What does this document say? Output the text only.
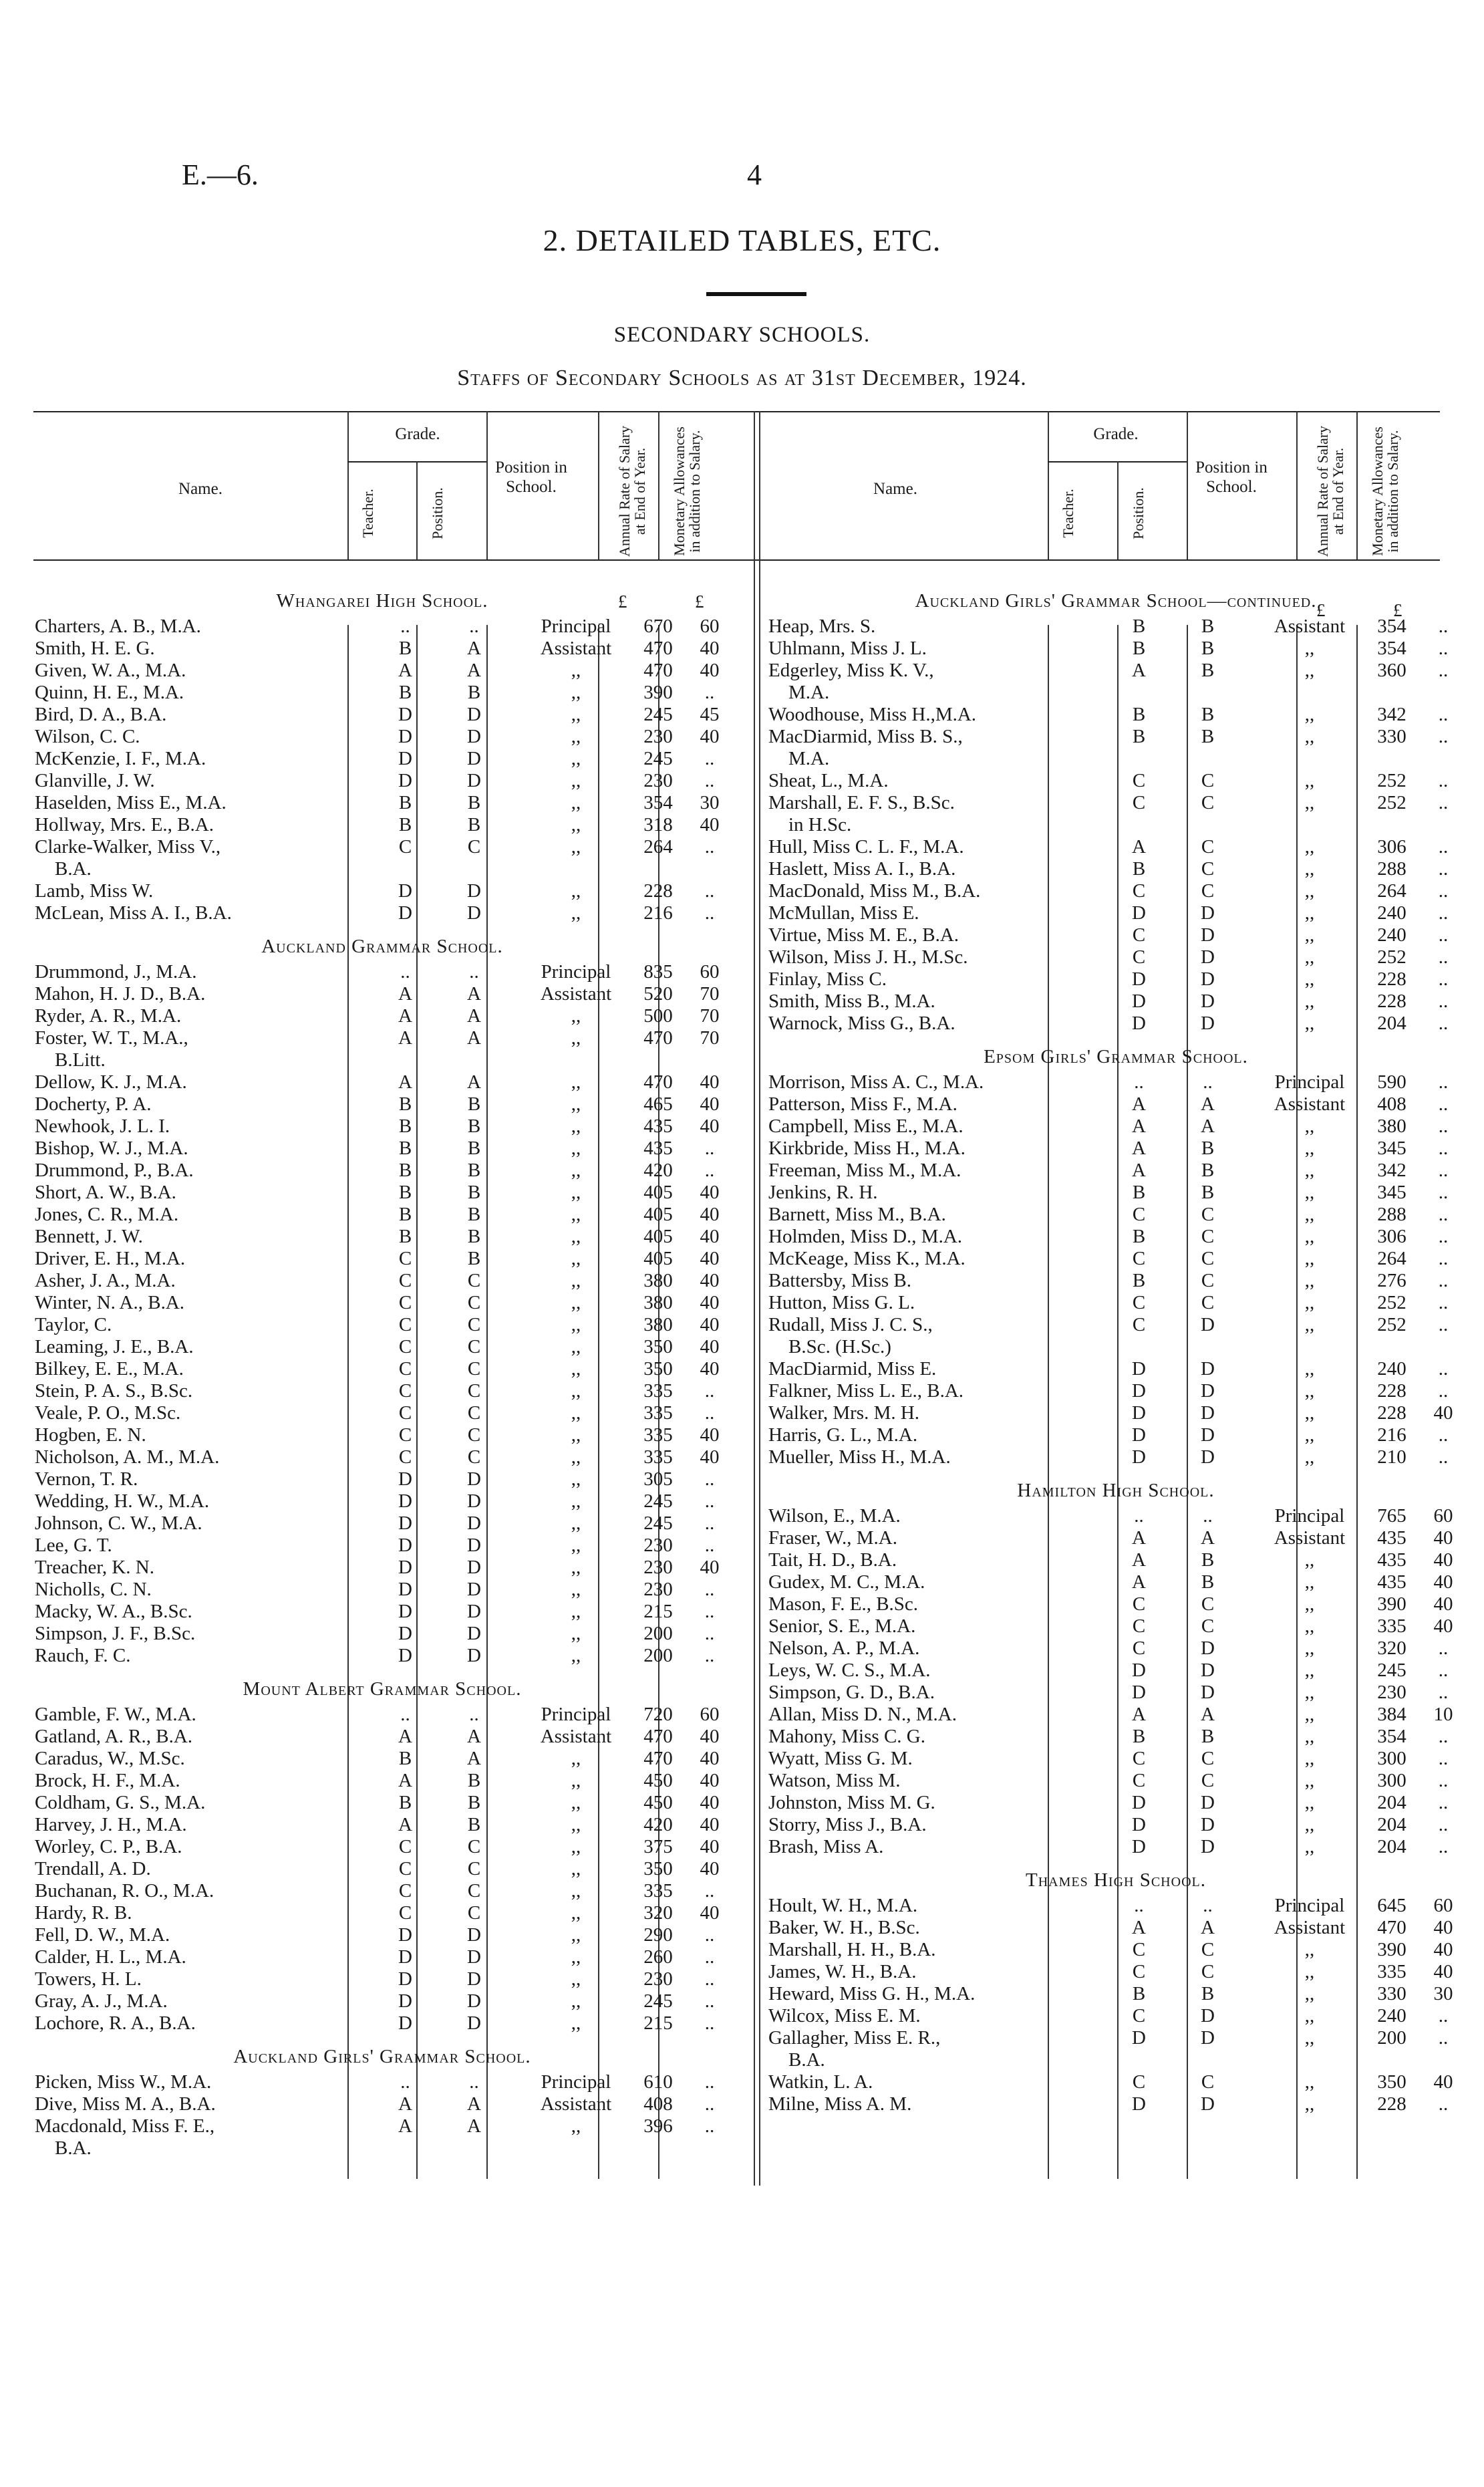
E.—6.	4
2. DETAILED TABLES, ETC.
SECONDARY SCHOOLS.
Staffs of Secondary Schools as at 31st December, 1924.
Name.
Grade.
Teacher.	Position.
Position in School.	Annual Rate of Salary at End of Year.	Monetary Allowances in addition to Salary.	Name.
Grade.
Teacher.	Position.
Position in School.	Annual Rate of Salary at End of Year.	Monetary Allowances in addition to Salary.
£	£	£	£
Whangarei High School.
Charters, A. B., M.A.	..	..	Principal	670	60
Smith, H. E. G.	B	A	Assistant	470	40
Given, W. A., M.A.	A	A	,,	470	40
Quinn, H. E., M.A.	B	B	,,	390	..
Bird, D. A., B.A.	D	D	,,	245	45
Wilson, C. C.	D	D	,,	230	40
McKenzie, I. F., M.A.	D	D	,,	245	..
Glanville, J. W.	D	D	,,	230	..
Haselden, Miss E., M.A.	B	B	,,	354	30
Hollway, Mrs. E., B.A.	B	B	,,	318	40
Clarke-Walker, Miss V.,	C	C	,,	264	..
B.A.
Lamb, Miss W.	D	D	,,	228	..
McLean, Miss A. I., B.A.	D	D	,,	216	..
Auckland Grammar School.
Drummond, J., M.A.	..	..	Principal	835	60
Mahon, H. J. D., B.A.	A	A	Assistant	520	70
Ryder, A. R., M.A.	A	A	,,	500	70
Foster, W. T., M.A.,	A	A	,,	470	70
B.Litt.
Dellow, K. J., M.A.	A	A	,,	470	40
Docherty, P. A.	B	B	,,	465	40
Newhook, J. L. I.	B	B	,,	435	40
Bishop, W. J., M.A.	B	B	,,	435	..
Drummond, P., B.A.	B	B	,,	420	..
Short, A. W., B.A.	B	B	,,	405	40
Jones, C. R., M.A.	B	B	,,	405	40
Bennett, J. W.	B	B	,,	405	40
Driver, E. H., M.A.	C	B	,,	405	40
Asher, J. A., M.A.	C	C	,,	380	40
Winter, N. A., B.A.	C	C	,,	380	40
Taylor, C.	C	C	,,	380	40
Leaming, J. E., B.A.	C	C	,,	350	40
Bilkey, E. E., M.A.	C	C	,,	350	40
Stein, P. A. S., B.Sc.	C	C	,,	335	..
Veale, P. O., M.Sc.	C	C	,,	335	..
Hogben, E. N.	C	C	,,	335	40
Nicholson, A. M., M.A.	C	C	,,	335	40
Vernon, T. R.	D	D	,,	305	..
Wedding, H. W., M.A.	D	D	,,	245	..
Johnson, C. W., M.A.	D	D	,,	245	..
Lee, G. T.	D	D	,,	230	..
Treacher, K. N.	D	D	,,	230	40
Nicholls, C. N.	D	D	,,	230	..
Macky, W. A., B.Sc.	D	D	,,	215	..
Simpson, J. F., B.Sc.	D	D	,,	200	..
Rauch, F. C.	D	D	,,	200	..
Mount Albert Grammar School.
Gamble, F. W., M.A.	..	..	Principal	720	60
Gatland, A. R., B.A.	A	A	Assistant	470	40
Caradus, W., M.Sc.	B	A	,,	470	40
Brock, H. F., M.A.	A	B	,,	450	40
Coldham, G. S., M.A.	B	B	,,	450	40
Harvey, J. H., M.A.	A	B	,,	420	40
Worley, C. P., B.A.	C	C	,,	375	40
Trendall, A. D.	C	C	,,	350	40
Buchanan, R. O., M.A.	C	C	,,	335	..
Hardy, R. B.	C	C	,,	320	40
Fell, D. W., M.A.	D	D	,,	290	..
Calder, H. L., M.A.	D	D	,,	260	..
Towers, H. L.	D	D	,,	230	..
Gray, A. J., M.A.	D	D	,,	245	..
Lochore, R. A., B.A.	D	D	,,	215	..
Auckland Girls' Grammar School.
Picken, Miss W., M.A.	..	..	Principal	610	..
Dive, Miss M. A., B.A.	A	A	Assistant	408	..
Macdonald, Miss F. E.,	A	A	,,	396	..
B.A.
Auckland Girls' Grammar School—continued.
Heap, Mrs. S.	B	B	Assistant	354	..
Uhlmann, Miss J. L.	B	B	,,	354	..
Edgerley, Miss K. V.,	A	B	,,	360	..
M.A.
Woodhouse, Miss H.,M.A.	B	B	,,	342	..
MacDiarmid, Miss B. S.,	B	B	,,	330	..
M.A.
Sheat, L., M.A.	C	C	,,	252	..
Marshall, E. F. S., B.Sc.	C	C	,,	252	..
in H.Sc.
Hull, Miss C. L. F., M.A.	A	C	,,	306	..
Haslett, Miss A. I., B.A.	B	C	,,	288	..
MacDonald, Miss M., B.A.	C	C	,,	264	..
McMullan, Miss E.	D	D	,,	240	..
Virtue, Miss M. E., B.A.	C	D	,,	240	..
Wilson, Miss J. H., M.Sc.	C	D	,,	252	..
Finlay, Miss C.	D	D	,,	228	..
Smith, Miss B., M.A.	D	D	,,	228	..
Warnock, Miss G., B.A.	D	D	,,	204	..
Epsom Girls' Grammar School.
Morrison, Miss A. C., M.A.	..	..	Principal	590	..
Patterson, Miss F., M.A.	A	A	Assistant	408	..
Campbell, Miss E., M.A.	A	A	,,	380	..
Kirkbride, Miss H., M.A.	A	B	,,	345	..
Freeman, Miss M., M.A.	A	B	,,	342	..
Jenkins, R. H.	B	B	,,	345	..
Barnett, Miss M., B.A.	C	C	,,	288	..
Holmden, Miss D., M.A.	B	C	,,	306	..
McKeage, Miss K., M.A.	C	C	,,	264	..
Battersby, Miss B.	B	C	,,	276	..
Hutton, Miss G. L.	C	C	,,	252	..
Rudall, Miss J. C. S.,	C	D	,,	252	..
B.Sc. (H.Sc.)
MacDiarmid, Miss E.	D	D	,,	240	..
Falkner, Miss L. E., B.A.	D	D	,,	228	..
Walker, Mrs. M. H.	D	D	,,	228	40
Harris, G. L., M.A.	D	D	,,	216	..
Mueller, Miss H., M.A.	D	D	,,	210	..
Hamilton High School.
Wilson, E., M.A.	..	..	Principal	765	60
Fraser, W., M.A.	A	A	Assistant	435	40
Tait, H. D., B.A.	A	B	,,	435	40
Gudex, M. C., M.A.	A	B	,,	435	40
Mason, F. E., B.Sc.	C	C	,,	390	40
Senior, S. E., M.A.	C	C	,,	335	40
Nelson, A. P., M.A.	C	D	,,	320	..
Leys, W. C. S., M.A.	D	D	,,	245	..
Simpson, G. D., B.A.	D	D	,,	230	..
Allan, Miss D. N., M.A.	A	A	,,	384	10
Mahony, Miss C. G.	B	B	,,	354	..
Wyatt, Miss G. M.	C	C	,,	300	..
Watson, Miss M.	C	C	,,	300	..
Johnston, Miss M. G.	D	D	,,	204	..
Storry, Miss J., B.A.	D	D	,,	204	..
Brash, Miss A.	D	D	,,	204	..
Thames High School.
Hoult, W. H., M.A.	..	..	Principal	645	60
Baker, W. H., B.Sc.	A	A	Assistant	470	40
Marshall, H. H., B.A.	C	C	,,	390	40
James, W. H., B.A.	C	C	,,	335	40
Heward, Miss G. H., M.A.	B	B	,,	330	30
Wilcox, Miss E. M.	C	D	,,	240	..
Gallagher, Miss E. R.,	D	D	,,	200	..
B.A.
Watkin, L. A.	C	C	,,	350	40
Milne, Miss A. M.	D	D	,,	228	..
